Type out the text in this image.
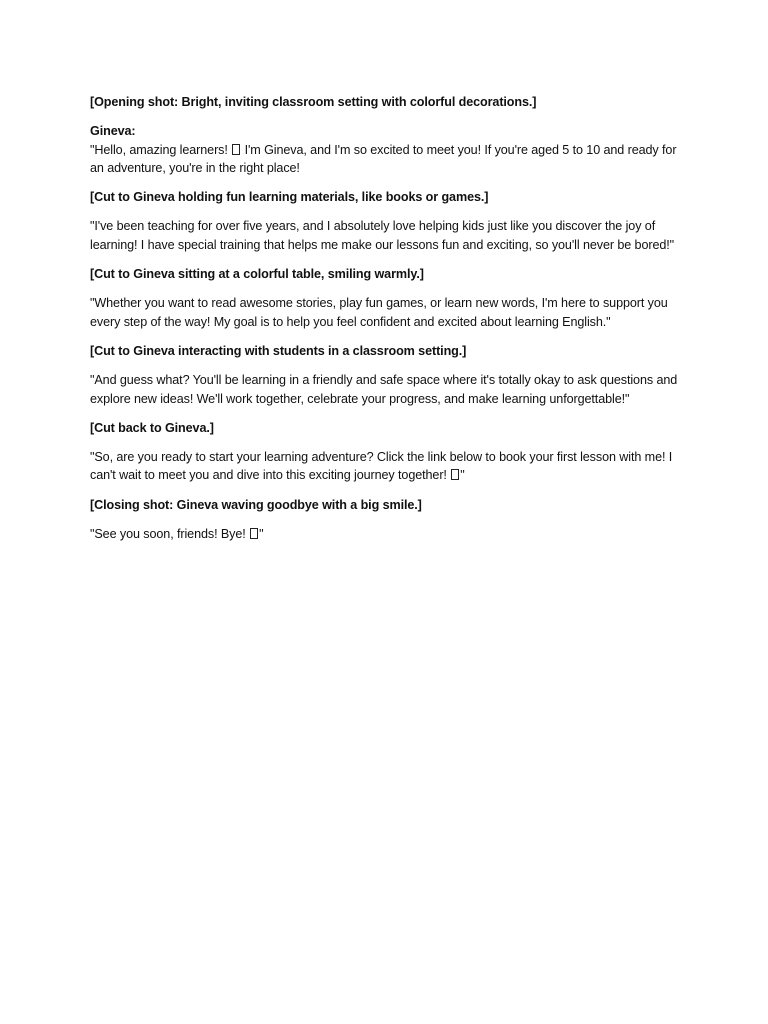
[Opening shot: Bright, inviting classroom setting with colorful decorations.]

Gineva:
"Hello, amazing learners!  I'm Gineva, and I'm so excited to meet you! If you're aged 5 to 10 and ready for an adventure, you're in the right place!

[Cut to Gineva holding fun learning materials, like books or games.]

"I've been teaching for over five years, and I absolutely love helping kids just like you discover the joy of learning! I have special training that helps me make our lessons fun and exciting, so you'll never be bored!"

[Cut to Gineva sitting at a colorful table, smiling warmly.]

"Whether you want to read awesome stories, play fun games, or learn new words, I'm here to support you every step of the way! My goal is to help you feel confident and excited about learning English."

[Cut to Gineva interacting with students in a classroom setting.]

"And guess what? You'll be learning in a friendly and safe space where it's totally okay to ask questions and explore new ideas! We'll work together, celebrate your progress, and make learning unforgettable!"

[Cut back to Gineva.]

"So, are you ready to start your learning adventure? Click the link below to book your first lesson with me! I can't wait to meet you and dive into this exciting journey together! "

[Closing shot: Gineva waving goodbye with a big smile.]

"See you soon, friends! Bye! "
